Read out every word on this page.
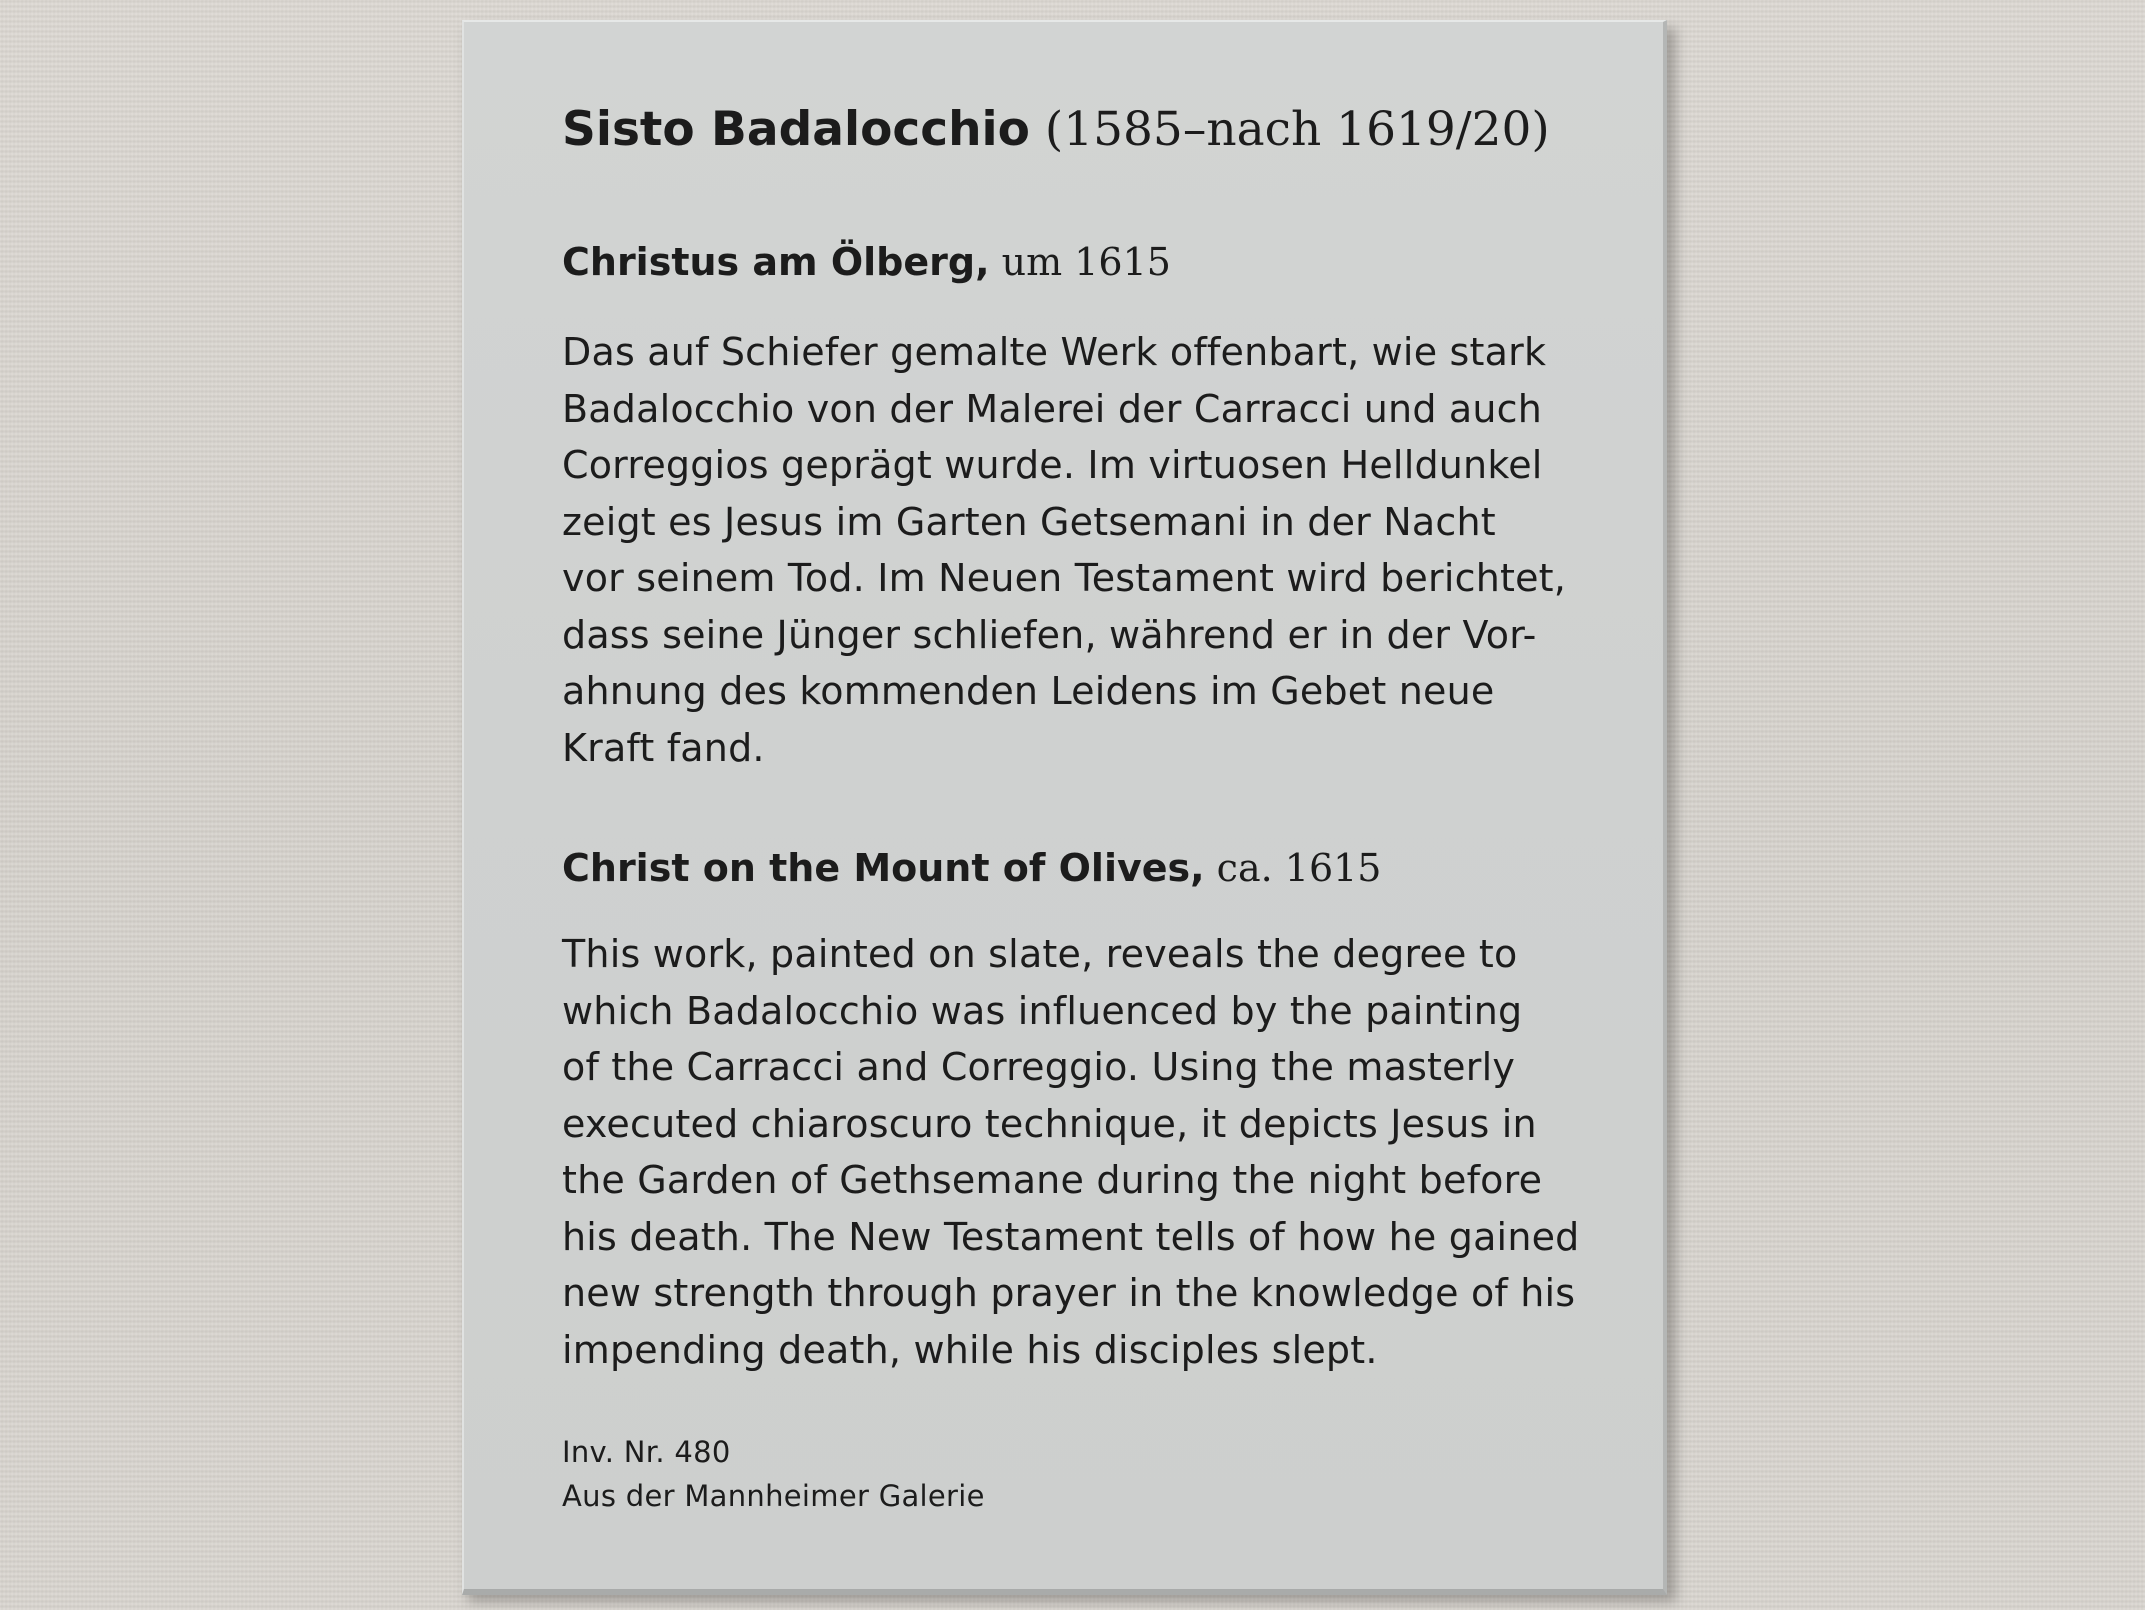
Sisto Badalocchio (1585–nach 1619/20)
Christus am Ölberg, um 1615
Das auf Schiefer gemalte Werk offenbart, wie stark
Badalocchio von der Malerei der Carracci und auch
Correggios geprägt wurde. Im virtuosen Helldunkel
zeigt es Jesus im Garten Getsemani in der Nacht
vor seinem Tod. Im Neuen Testament wird berichtet,
dass seine Jünger schliefen, während er in der Vor-
ahnung des kommenden Leidens im Gebet neue
Kraft fand.
Christ on the Mount of Olives, ca. 1615
This work, painted on slate, reveals the degree to
which Badalocchio was influenced by the painting
of the Carracci and Correggio. Using the masterly
executed chiaroscuro technique, it depicts Jesus in
the Garden of Gethsemane during the night before
his death. The New Testament tells of how he gained
new strength through prayer in the knowledge of his
impending death, while his disciples slept.
Inv. Nr. 480
Aus der Mannheimer Galerie
